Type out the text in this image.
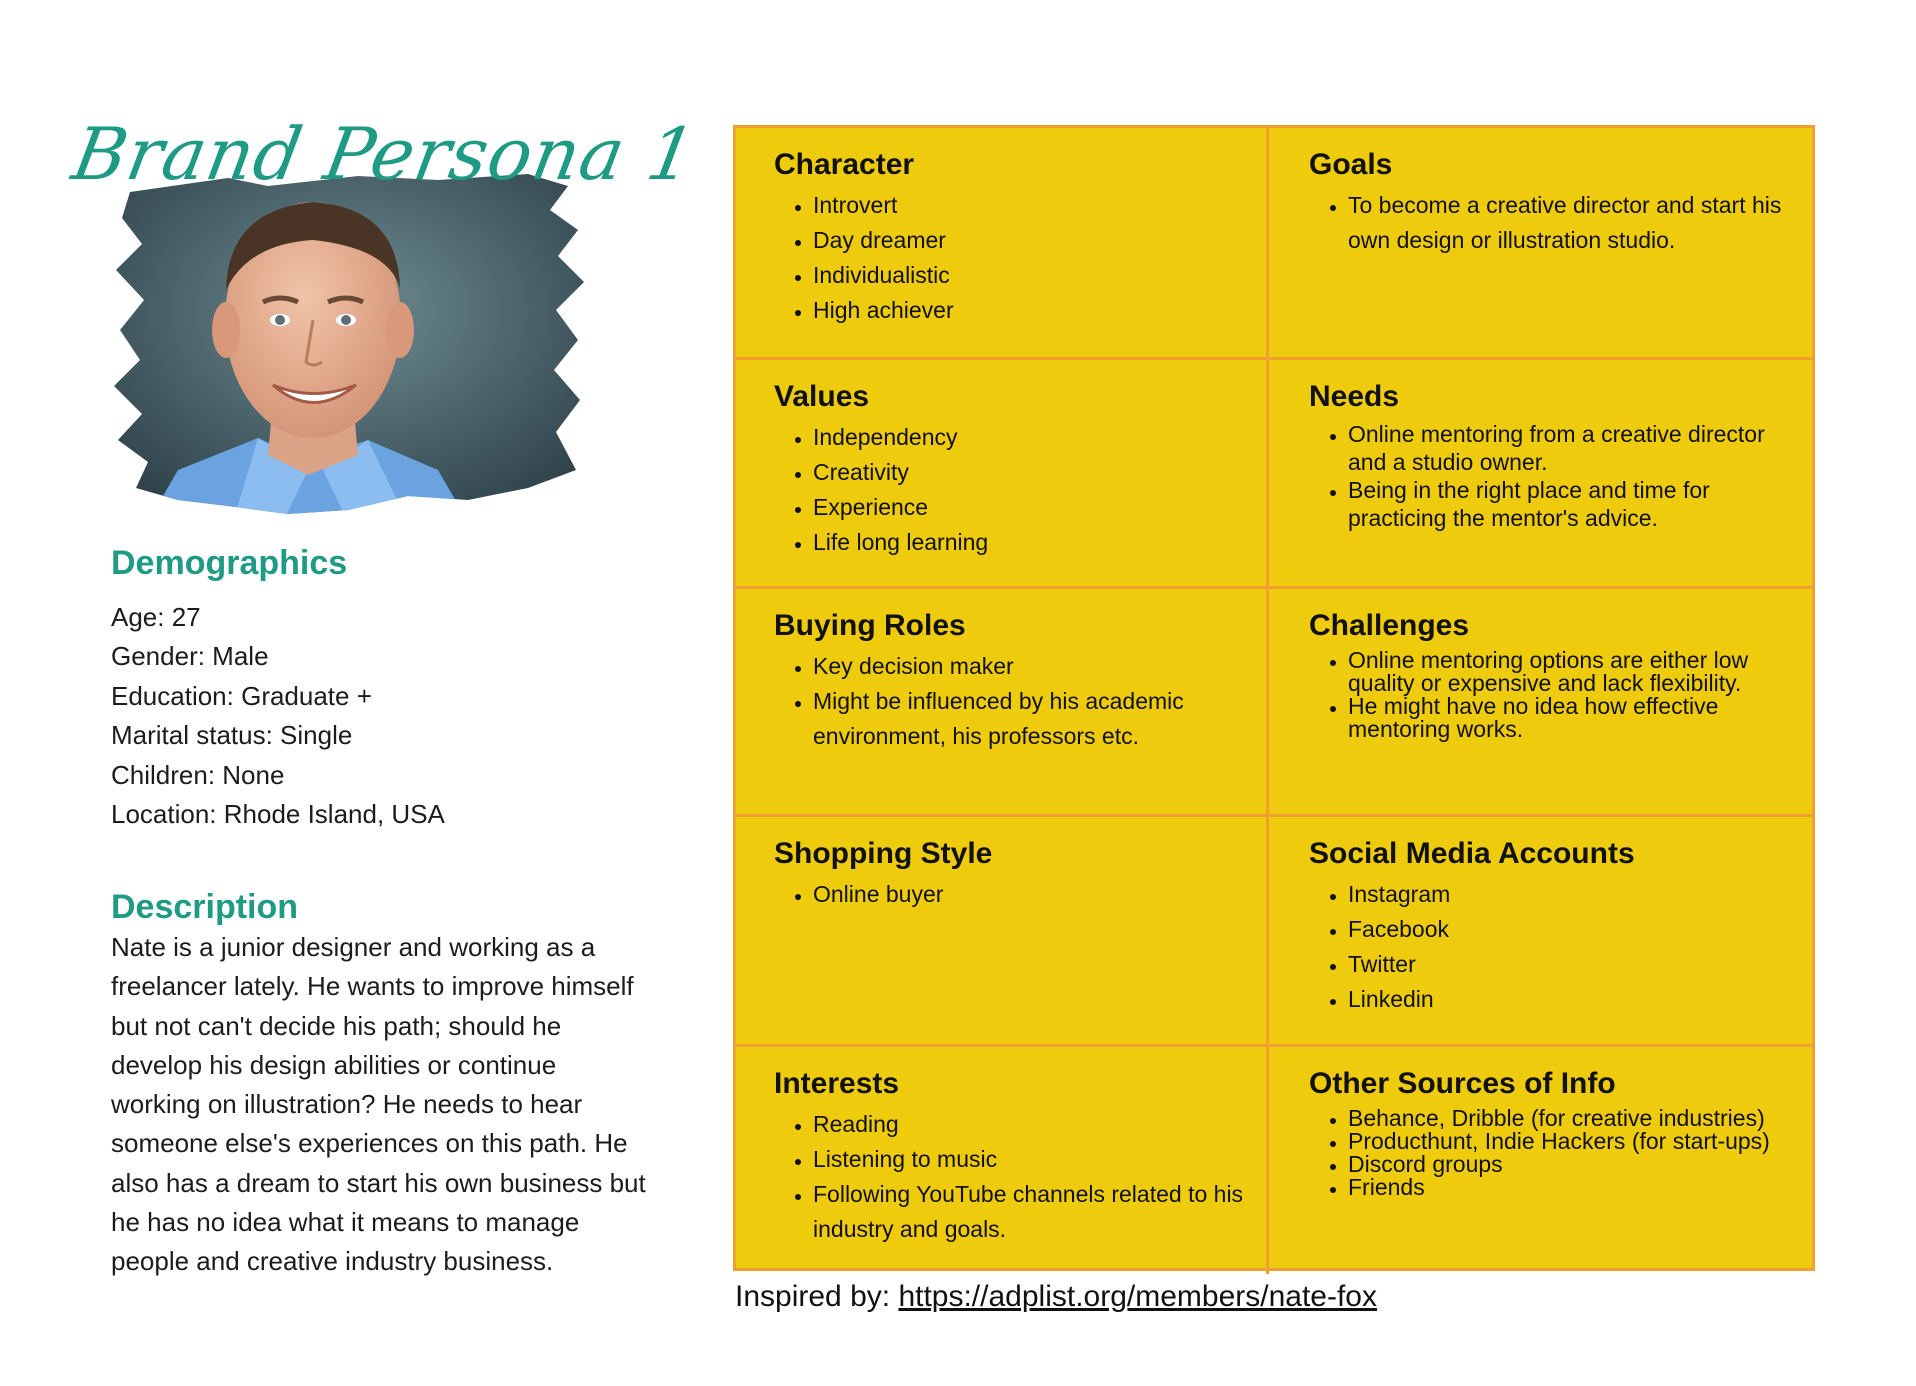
Brand Persona 1
Demographics
Age: 27
Gender: Male
Education: Graduate +
Marital status: Single
Children: None
Location: Rhode Island, USA
Description

Nate is a junior designer and working as a freelancer lately. He wants to improve himself but not can't decide his path; should he develop his design abilities or continue working on illustration? He needs to hear someone else's experiences on this path. He also has a dream to start his own business but he has no idea what it means to manage people and creative industry business.

Character
• Introvert
• Day dreamer
• Individualistic
• High achiever
Goals
• To become a creative director and start his own design or illustration studio.
Values
• Independency
• Creativity
• Experience
• Life long learning
Needs
• Online mentoring from a creative director and a studio owner.
• Being in the right place and time for practicing the mentor's advice.
Buying Roles
• Key decision maker
• Might be influenced by his academic environment, his professors etc.
Challenges
• Online mentoring options are either low quality or expensive and lack flexibility.
• He might have no idea how effective mentoring works.
Shopping Style
• Online buyer
Social Media Accounts
• Instagram
• Facebook
• Twitter
• Linkedin
Interests
• Reading
• Listening to music
• Following YouTube channels related to his industry and goals.
Other Sources of Info
• Behance, Dribble (for creative industries)
• Producthunt, Indie Hackers (for start-ups)
• Discord groups
• Friends
Inspired by: https://adplist.org/members/nate-fox
